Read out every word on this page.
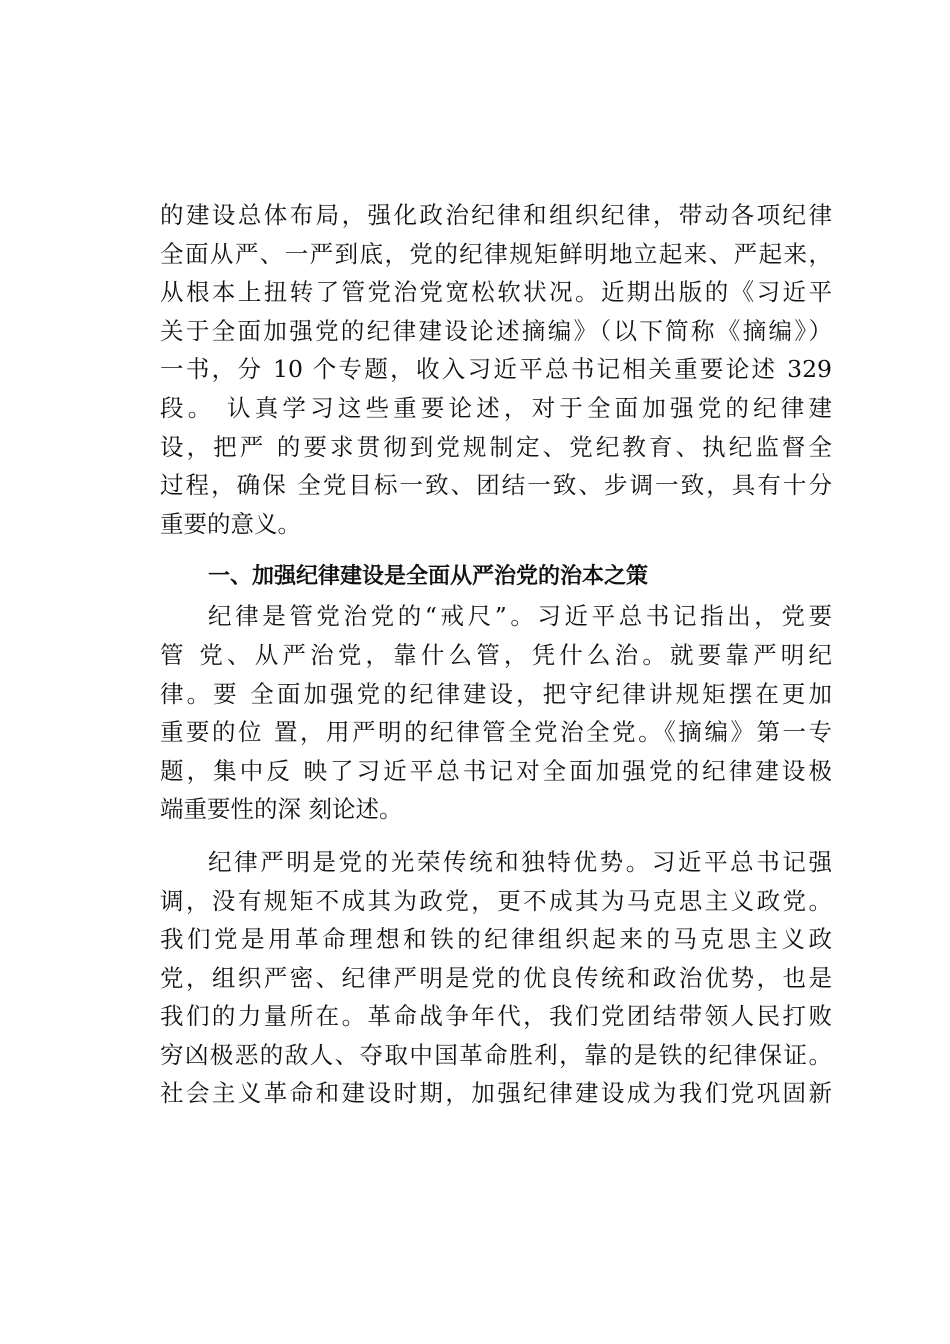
的建设总体布局，强化政治纪律和组织纪律，带动各项纪律
全面从严、一严到底，党的纪律规矩鲜明地立起来、严起来，
从根本上扭转了管党治党宽松软状况。近期出版的《习近平
关于全面加强党的纪律建设论述摘编》（以下简称《摘编》）
一书，分 10 个专题，收入习近平总书记相关重要论述 329
段。 认真学习这些重要论述，对于全面加强党的纪律建
设，把严 的要求贯彻到党规制定、党纪教育、执纪监督全
过程，确保 全党目标一致、团结一致、步调一致，具有十分
重要的意义。
一、加强纪律建设是全面从严治党的治本之策
纪律是管党治党的“戒尺”。习近平总书记指出，党要
管 党、从严治党，靠什么管，凭什么治。就要靠严明纪
律。要 全面加强党的纪律建设，把守纪律讲规矩摆在更加
重要的位 置，用严明的纪律管全党治全党。《摘编》第一专
题，集中反 映了习近平总书记对全面加强党的纪律建设极
端重要性的深 刻论述。
纪律严明是党的光荣传统和独特优势。习近平总书记强
调，没有规矩不成其为政党，更不成其为马克思主义政党。
我们党是用革命理想和铁的纪律组织起来的马克思主义政
党，组织严密、纪律严明是党的优良传统和政治优势，也是
我们的力量所在。革命战争年代，我们党团结带领人民打败
穷凶极恶的敌人、夺取中国革命胜利，靠的是铁的纪律保证。
社会主义革命和建设时期，加强纪律建设成为我们党巩固新
